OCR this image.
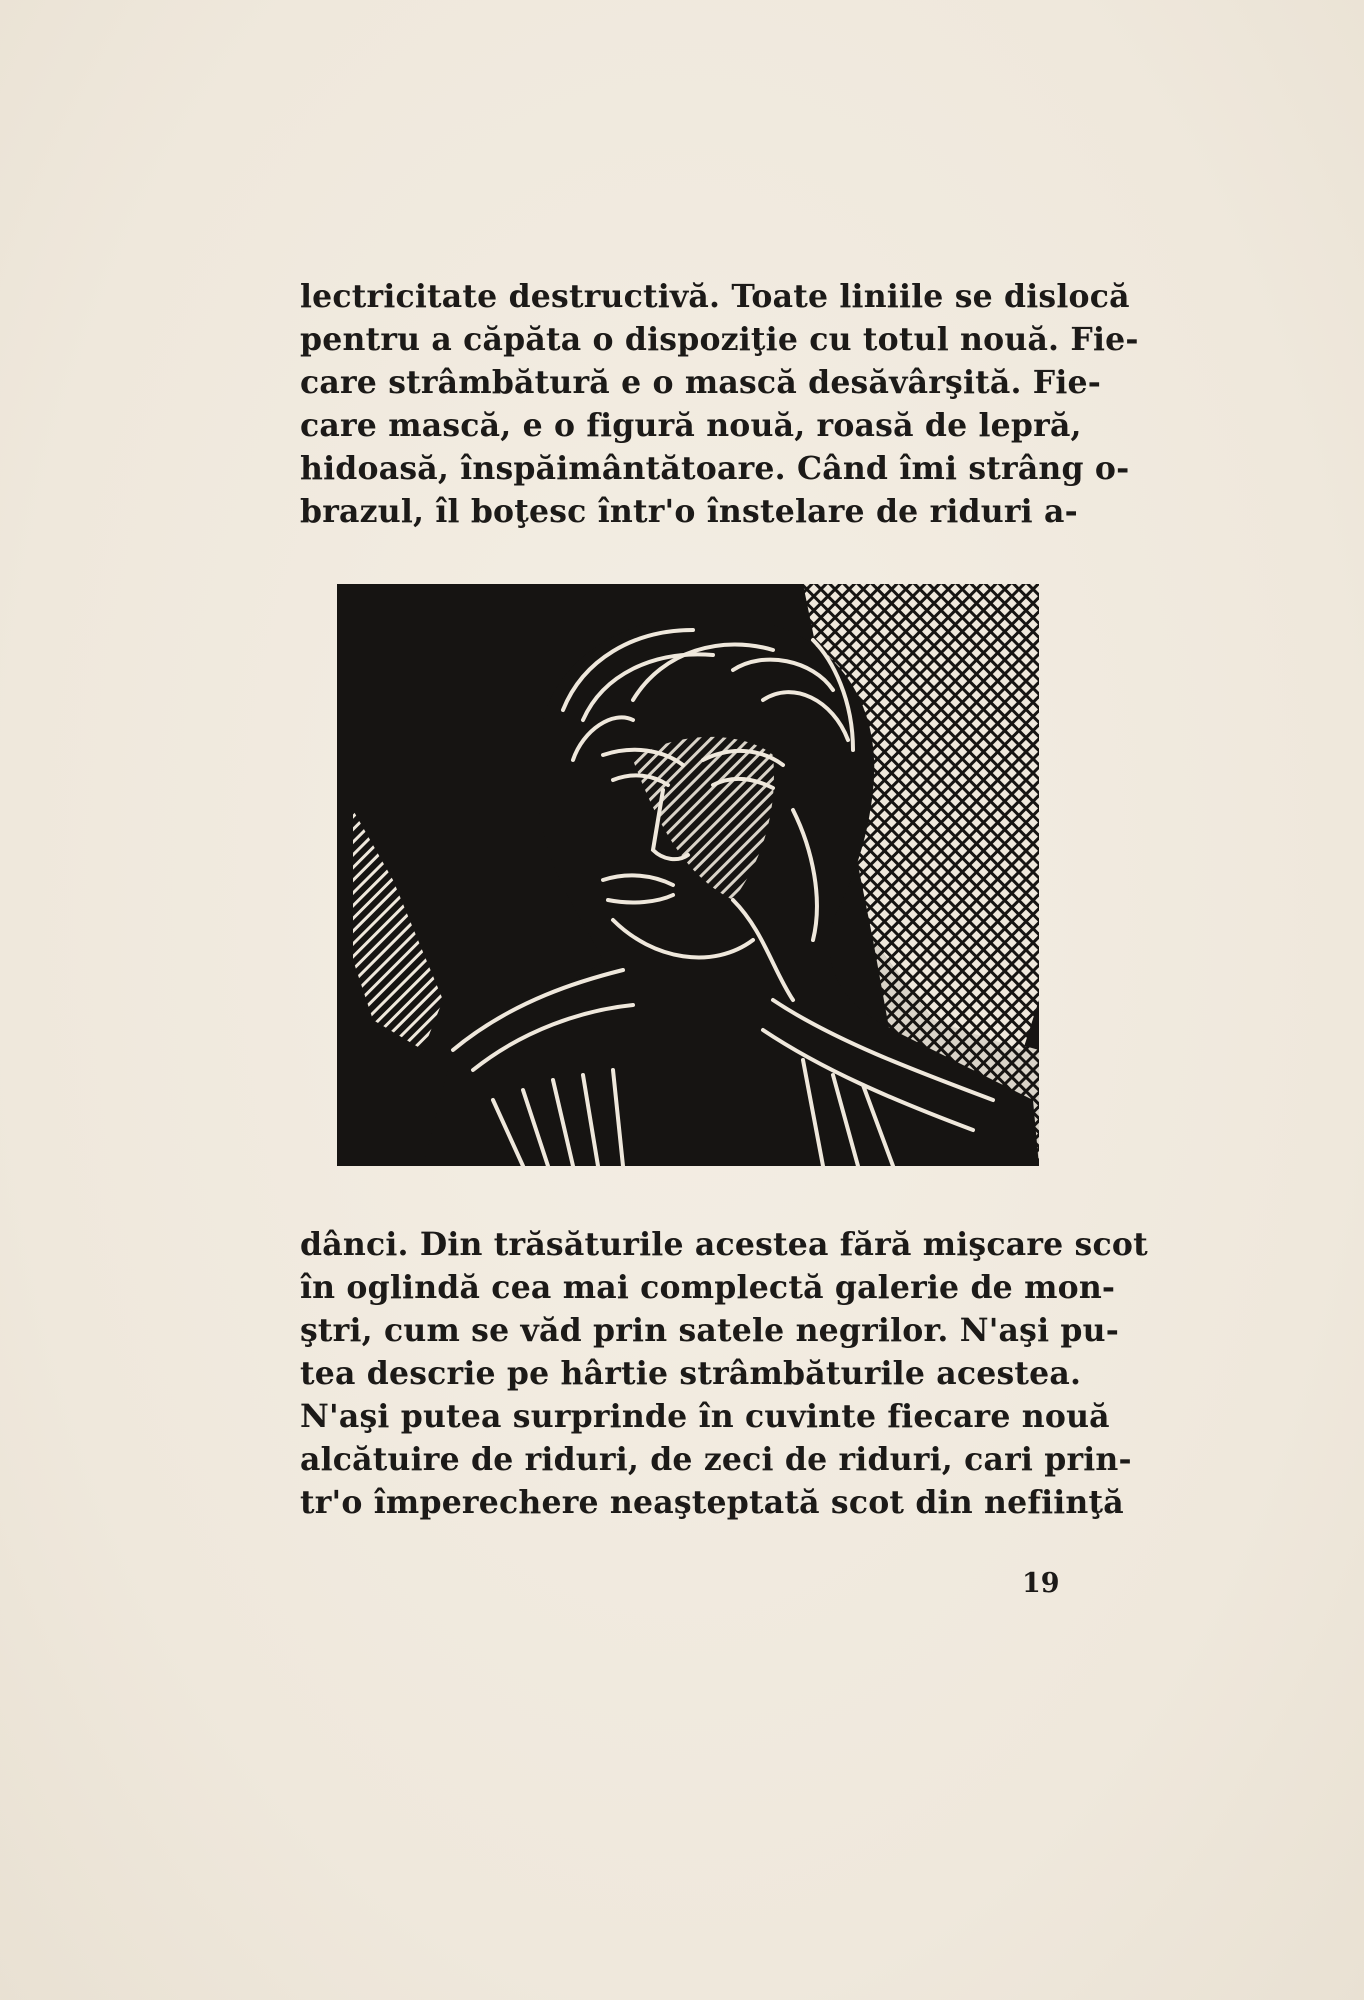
lectricitate destructivă. Toate liniile se dislocă
pentru a căpăta o dispoziţie cu totul nouă. Fie-
care strâmbătură e o mască desăvârşită. Fie-
care mască, e o figură nouă, roasă de lepră,
hidoasă, înspăimântătoare. Când îmi strâng o-
brazul, îl boţesc într'o înstelare de riduri a-
dânci. Din trăsăturile acestea fără mişcare scot
în oglindă cea mai complectă galerie de mon-
ştri, cum se văd prin satele negrilor. N'aşi pu-
tea descrie pe hârtie strâmbăturile acestea.
N'aşi putea surprinde în cuvinte fiecare nouă
alcătuire de riduri, de zeci de riduri, cari prin-
tr'o împerechere neaşteptată scot din nefiinţă
19
